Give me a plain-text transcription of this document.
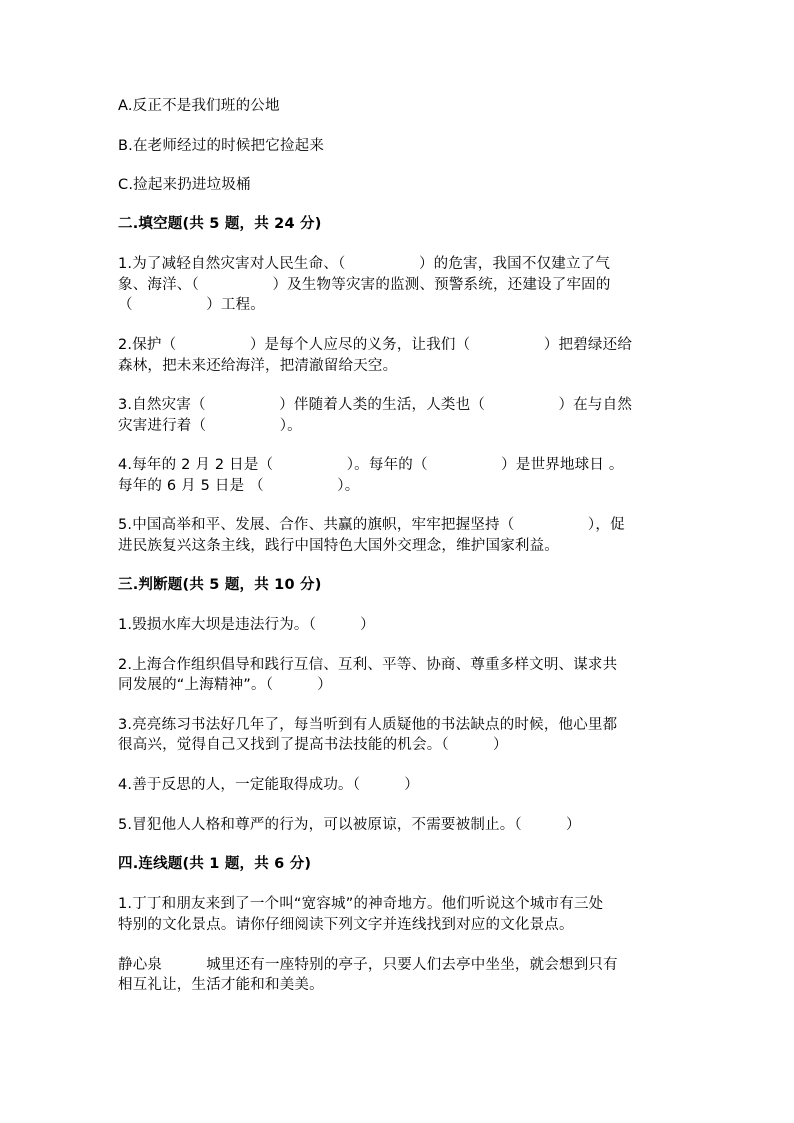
A.反正不是我们班的公地
B.在老师经过的时候把它捡起来
C.捡起来扔进垃圾桶
二.填空题(共 5 题，共 24 分)
1.为了减轻自然灾害对人民生命、（　　　　　）的危害，我国不仅建立了气
象、海洋、（　　　　　）及生物等灾害的监测、预警系统，还建设了牢固的
（　　　　　）工程。
2.保护（　　　　　）是每个人应尽的义务，让我们（　　　　　）把碧绿还给
森林，把未来还给海洋，把清澈留给天空。
3.自然灾害（　　　　　）伴随着人类的生活，人类也（　　　　　）在与自然
灾害进行着（　　　　　）。
4.每年的 2 月 2 日是（　　　　　）。每年的（　　　　　）是世界地球日 。
每年的 6 月 5 日是 （　　　　　）。
5.中国高举和平、发展、合作、共赢的旗帜，牢牢把握坚持（　　　　　），促
进民族复兴这条主线，践行中国特色大国外交理念，维护国家利益。
三.判断题(共 5 题，共 10 分)
1.毁损水库大坝是违法行为。（　　　）
2.上海合作组织倡导和践行互信、互利、平等、协商、尊重多样文明、谋求共
同发展的“上海精神”。（　　　）
3.亮亮练习书法好几年了，每当听到有人质疑他的书法缺点的时候，他心里都
很高兴，觉得自己又找到了提高书法技能的机会。（　　　）
4.善于反思的人，一定能取得成功。（　　　）
5.冒犯他人人格和尊严的行为，可以被原谅，不需要被制止。（　　　）
四.连线题(共 1 题，共 6 分)
1.丁丁和朋友来到了一个叫“宽容城”的神奇地方。他们听说这个城市有三处
特别的文化景点。请你仔细阅读下列文字并连线找到对应的文化景点。
静心泉　　　城里还有一座特别的亭子，只要人们去亭中坐坐，就会想到只有
相互礼让，生活才能和和美美。
